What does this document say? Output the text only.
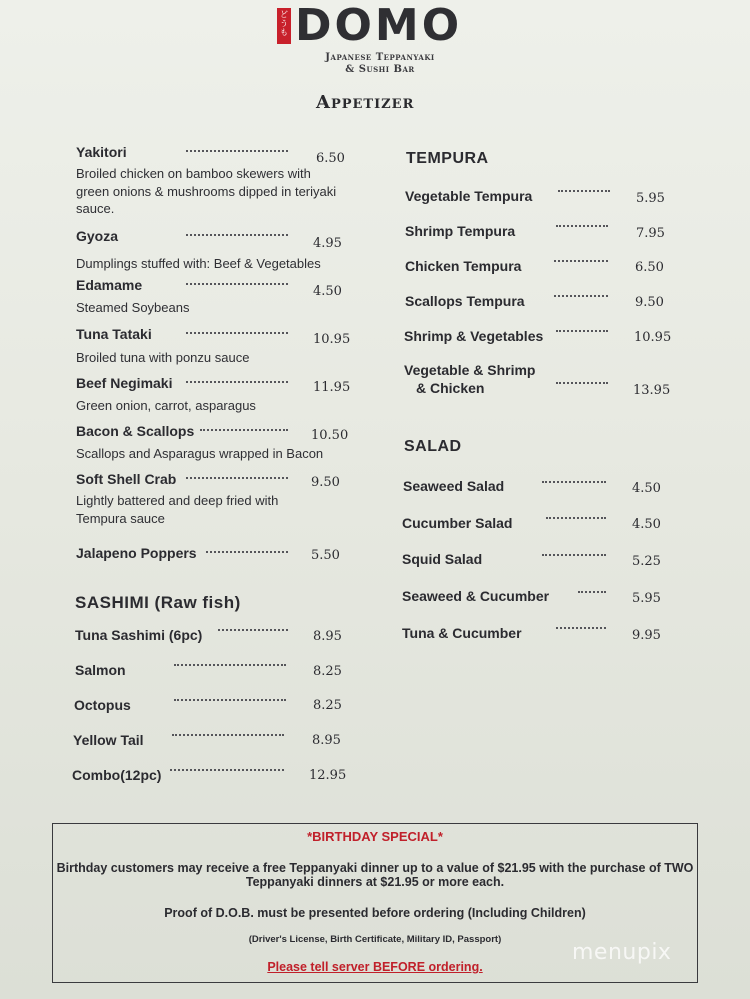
どう も DOMO
Japanese Teppanyaki
& Sushi Bar
Appetizer
Yakitori	6.50
Broiled chicken on bamboo skewers with
green onions & mushrooms dipped in teriyaki
sauce.
Gyoza	4.95
Dumplings stuffed with: Beef & Vegetables
Edamame	4.50
Steamed Soybeans
Tuna Tataki	10.95
Broiled tuna with ponzu sauce
Beef Negimaki	11.95
Green onion, carrot, asparagus
Bacon & Scallops	10.50
Scallops and Asparagus wrapped in Bacon
Soft Shell Crab	9.50
Lightly battered and deep fried with
Tempura sauce
Jalapeno Poppers	5.50
SASHIMI (Raw fish)
Tuna Sashimi (6pc)	8.95
Salmon	8.25
Octopus	8.25
Yellow Tail	8.95
Combo(12pc)	12.95
TEMPURA
Vegetable Tempura	5.95
Shrimp Tempura	7.95
Chicken Tempura	6.50
Scallops Tempura	9.50
Shrimp & Vegetables	10.95
Vegetable & Shrimp
& Chicken	13.95
SALAD
Seaweed Salad	4.50
Cucumber Salad	4.50
Squid Salad	5.25
Seaweed & Cucumber	5.95
Tuna & Cucumber	9.95
*BIRTHDAY SPECIAL*
Birthday customers may receive a free Teppanyaki dinner up to a value of $21.95 with the purchase of TWO
Teppanyaki dinners at $21.95 or more each.
Proof of D.O.B. must be presented before ordering (Including Children)
(Driver's License, Birth Certificate, Military ID, Passport)
Please tell server BEFORE ordering.
menupix
